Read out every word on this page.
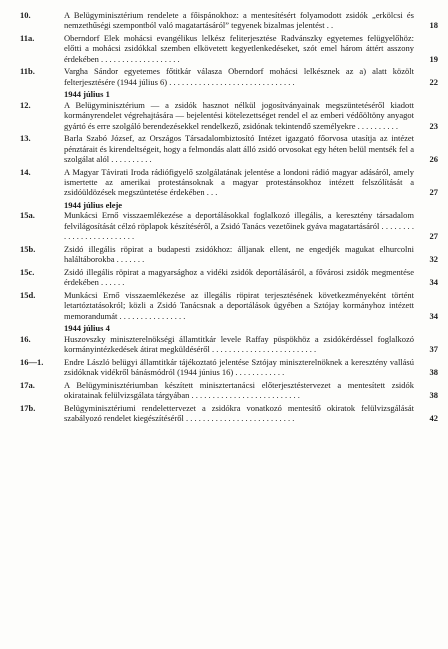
10.	A Belügyminisztérium rendelete a főispánokhoz: a mentesítésért folyamodott zsidók „erkölcsi és nemzethűségi szempontból való magatartásáról” tegyenek bizalmas jelentést . .	18
11a.	Oberndorf Elek mohácsi evangélikus lelkész feliterjesztése Radvánszky egyetemes felügyelőhöz: előtti a mohácsi zsidókkal szemben elkövetett kegyetlenkedéseket, szót emel három áttért asszony érdekében . . . . . . . . . . . . . . . . . . .	19
11b.	Vargha Sándor egyetemes főtitkár válasza Oberndorf mohácsi lelkésznek az a) alatt közölt felterjesztésére (1944 július 6) . . . . . . . . . . . . . . . . . . . . . . . . . . . . . .	22
1944 július 1
12.	A Belügyminisztérium — a zsidók hasznot nélkül jogosítványainak megszüntetéséről kiadott kormányrendelet végrehajtására — bejelentési kötelezettséget rendel el az emberi védőöltöny anyagot gyártó és erre szolgáló berendezésekkel rendelkező, zsidónak tekintendő személyekre . . . . . . . . . .	23
13.	Barla Szabó József, az Országos Társadalombiztosító Intézet igazgató főorvosa utasítja az intézet pénztárait és kirendeltségeit, hogy a felmondás alatt álló zsidó orvosokat egy héten belül mentsék fel a szolgálat alól . . . . . . . . . .	26
14.	A Magyar Távirati Iroda rádiófigyelő szolgálatának jelentése a londoni rádió magyar adásáról, amely ismertette az amerikai protestánsoknak a magyar protestánsokhoz intézett felszólítását a zsidóüldözések megszüntetése érdekében . . .	27
1944 július eleje
15a.	Munkácsi Ernő visszaemlékezése a deportálásokkal foglalkozó illegális, a keresztény társadalom felvilágosítását célzó röplapok készítéséről, a Zsidó Tanács vezetőinek gyáva magatartásáról . . . . . . . . . . . . . . . . . . . . . . . . .	27
15b.	Zsidó illegális röpirat a budapesti zsidókhoz: álljanak ellent, ne engedjék magukat elhurcolni haláltáborokba . . . . . . .	32
15c.	Zsidó illegális röpirat a magyarsághoz a vidéki zsidók deportálásáról, a fővárosi zsidók megmentése érdekében . . . . . .	34
15d.	Munkácsi Ernő visszaemlékezése az illegális röpirat terjesztésének következményeként történt letartóztatásokról; közli a Zsidó Tanácsnak a deportálások ügyében a Sztójay kormányhoz intézett memorandumát . . . . . . . . . . . . . . . .	34
1944 július 4
16.	Huszovszky miniszterelnökségi államtitkár levele Raffay püspökhöz a zsidókérdéssel foglalkozó kormányintézkedések átirat megküldéséről . . . . . . . . . . . . . . . . . . . . . . . . .	37
16—1. Endre László belügyi államtitkár tájékoztató jelentése Sztójay miniszterelnöknek a keresztény vallású zsidóknak vidékről bánásmódról (1944 június 16) . . . . . . . . . . . .	38
17a.	A Belügyminisztériumban készített minisztertanácsi előterjesztéstervezet a mentesített zsidók okiratainak felülvizsgálata tárgyában . . . . . . . . . . . . . . . . . . . . . . . . . .	38
17b.	Belügyminisztériumi rendelettervezet a zsidókra vonatkozó mentesítő okiratok felülvizsgálását szabályozó rendelet kiegészítéséről . . . . . . . . . . . . . . . . . . . . . . . . . .	42
